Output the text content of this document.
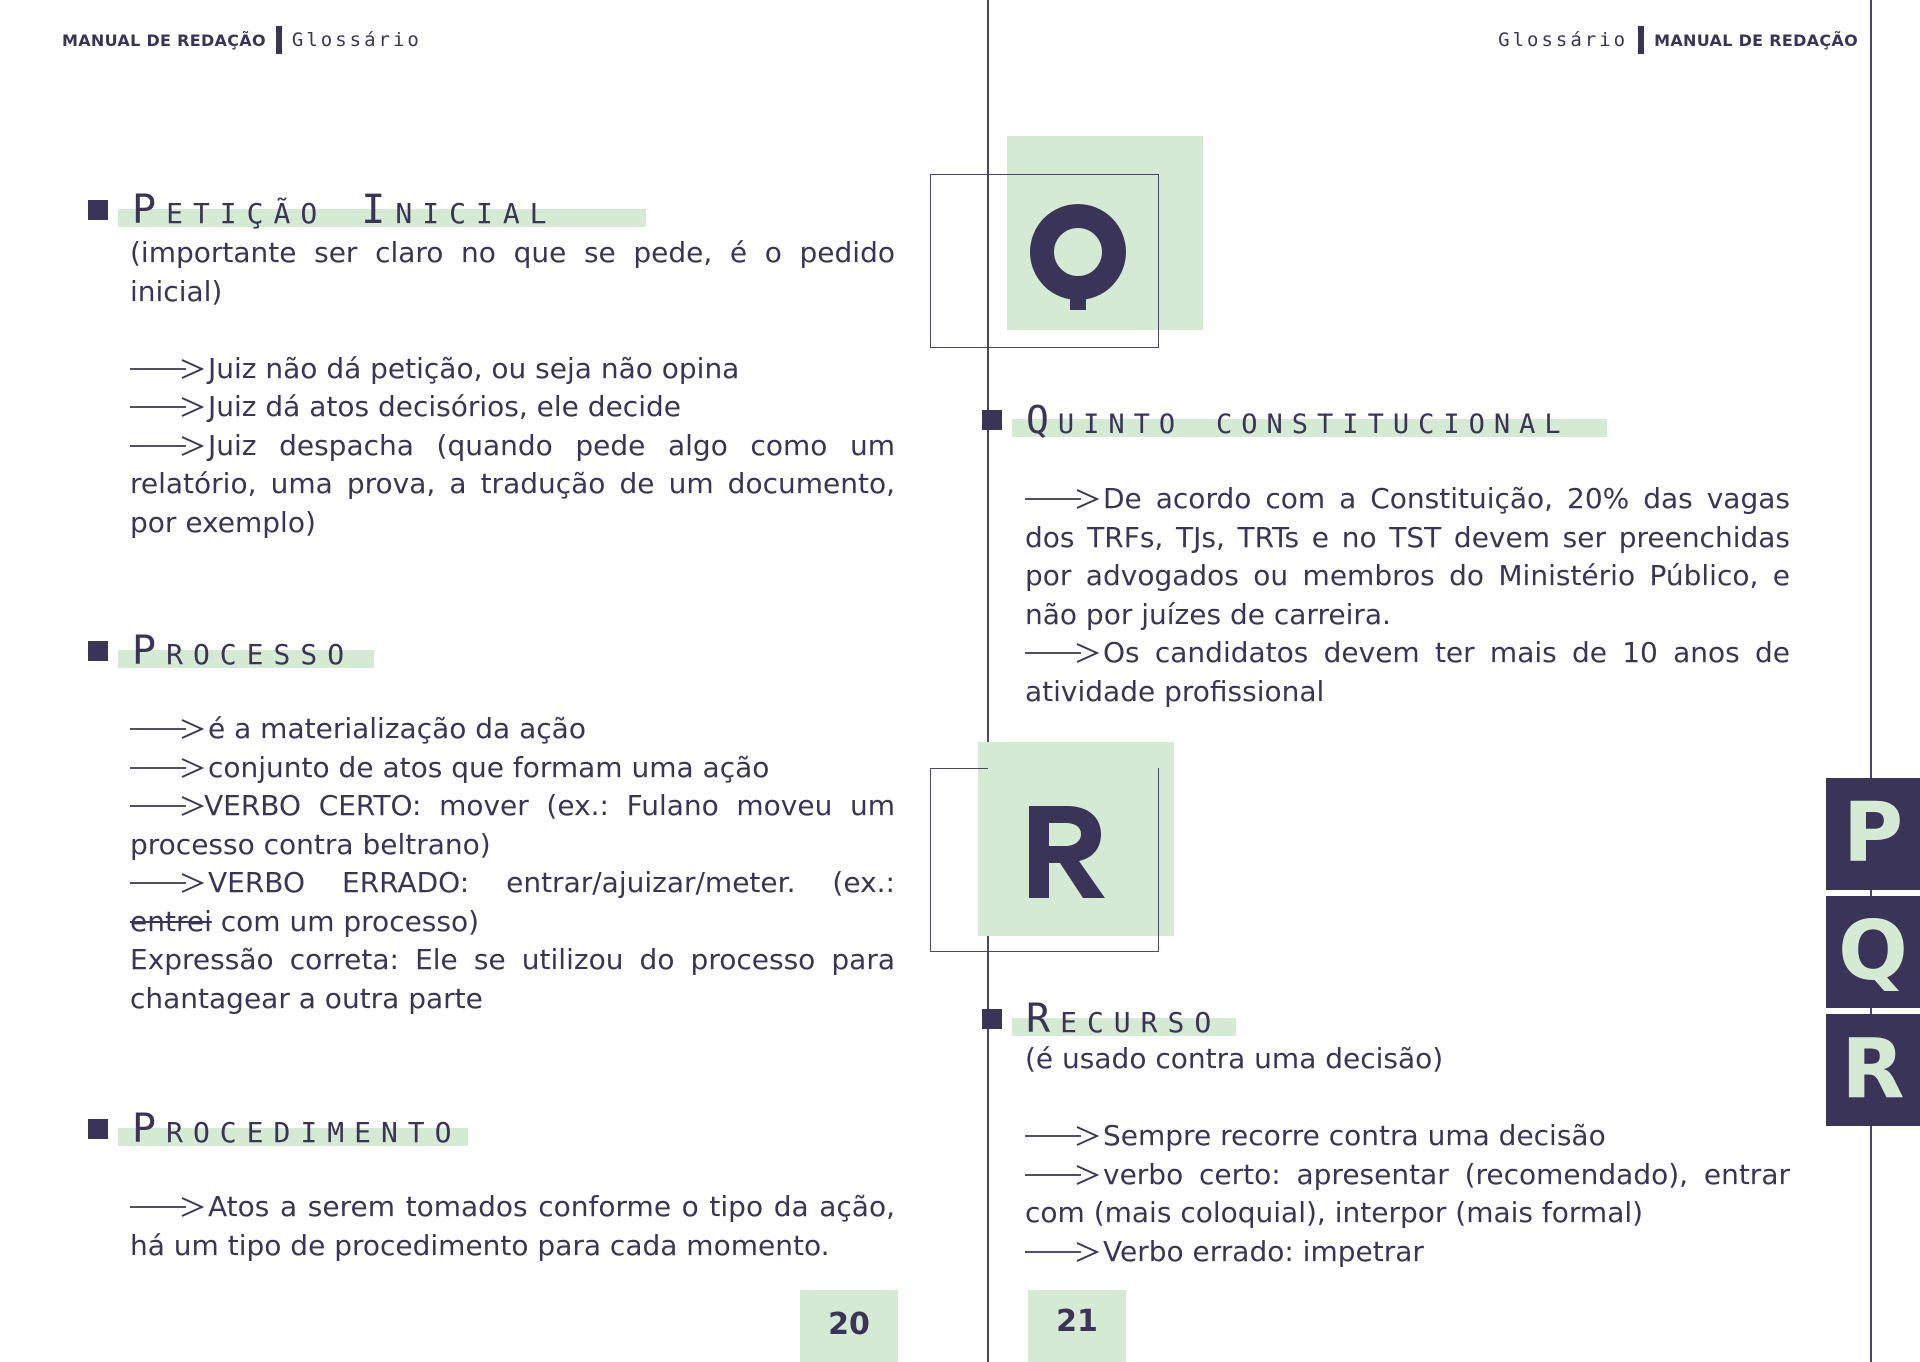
MANUAL DE REDAÇÃO Glossário	Glossário MANUAL DE REDAÇÃO
Petição Inicial
(importante ser claro no que se pede, é o pedido
inicial)
Juiz não dá petição, ou seja não opina
Juiz dá atos decisórios, ele decide
Juiz despacha (quando pede algo como um
relatório, uma prova, a tradução de um documento,
por exemplo)
Processo
é a materialização da ação
conjunto de atos que formam uma ação
VERBO CERTO: mover (ex.: Fulano moveu um
processo contra beltrano)
VERBO ERRADO: entrar/ajuizar/meter. (ex.:
entrei com um processo)
Expressão correta: Ele se utilizou do processo para
chantagear a outra parte
Procedimento
Atos a serem tomados conforme o tipo da ação,
há um tipo de procedimento para cada momento.
20
Quinto constitucional
De acordo com a Constituição, 20% das vagas
dos TRFs, TJs, TRTs e no TST devem ser preenchidas
por advogados ou membros do Ministério Público, e
não por juízes de carreira.
Os candidatos devem ter mais de 10 anos de
atividade profissional
Recurso
(é usado contra uma decisão)
Sempre recorre contra uma decisão
verbo certo: apresentar (recomendado), entrar
com (mais coloquial), interpor (mais formal)
Verbo errado: impetrar
21
P
Q
R
